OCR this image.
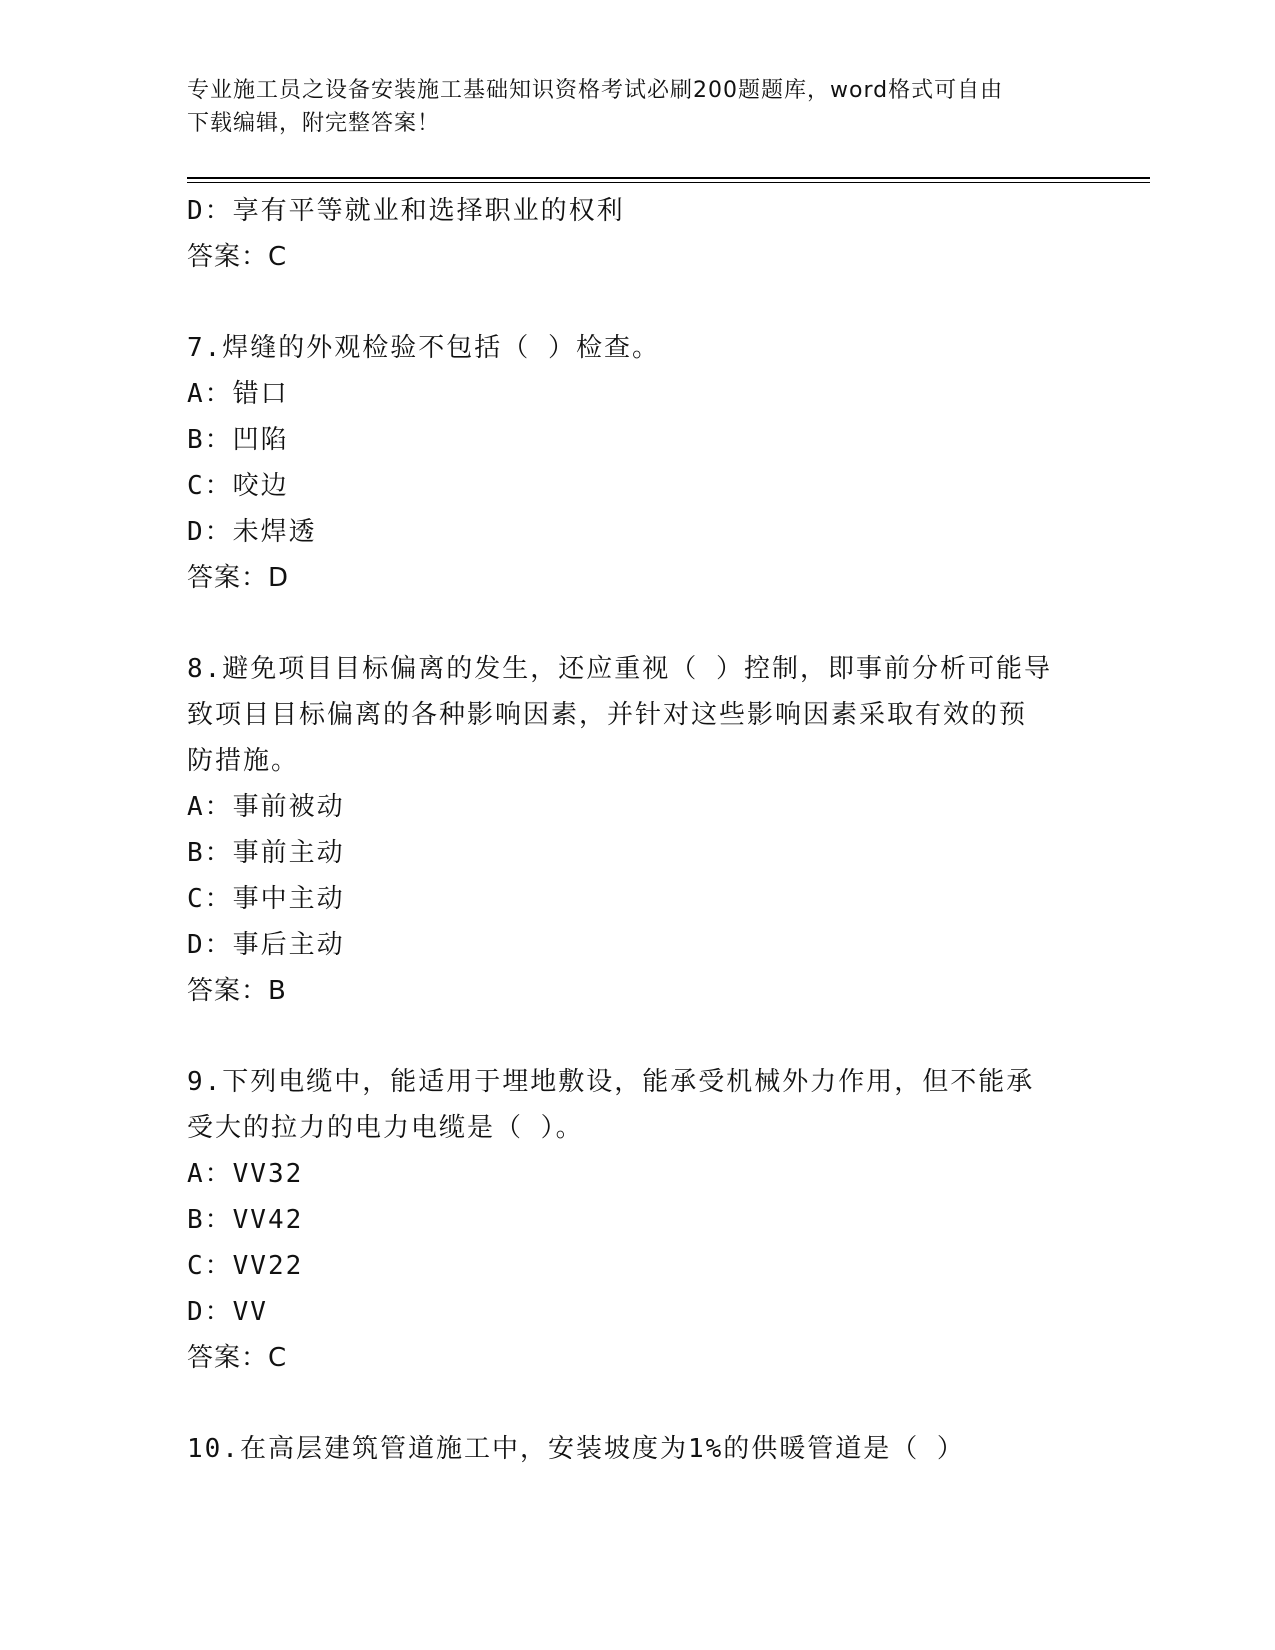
专业施工员之设备安装施工基础知识资格考试必刷200题题库，word格式可自由
下载编辑，附完整答案！
D：享有平等就业和选择职业的权利
答案：C
7.焊缝的外观检验不包括（ ）检查。
A：错口
B：凹陷
C：咬边
D：未焊透
答案：D
8.避免项目目标偏离的发生，还应重视（ ）控制，即事前分析可能导
致项目目标偏离的各种影响因素，并针对这些影响因素采取有效的预
防措施。
A：事前被动
B：事前主动
C：事中主动
D：事后主动
答案：B
9.下列电缆中，能适用于埋地敷设，能承受机械外力作用，但不能承
受大的拉力的电力电缆是（ ）。
A：VV32
B：VV42
C：VV22
D：VV
答案：C
10.在高层建筑管道施工中，安装坡度为1%的供暖管道是（ ）
